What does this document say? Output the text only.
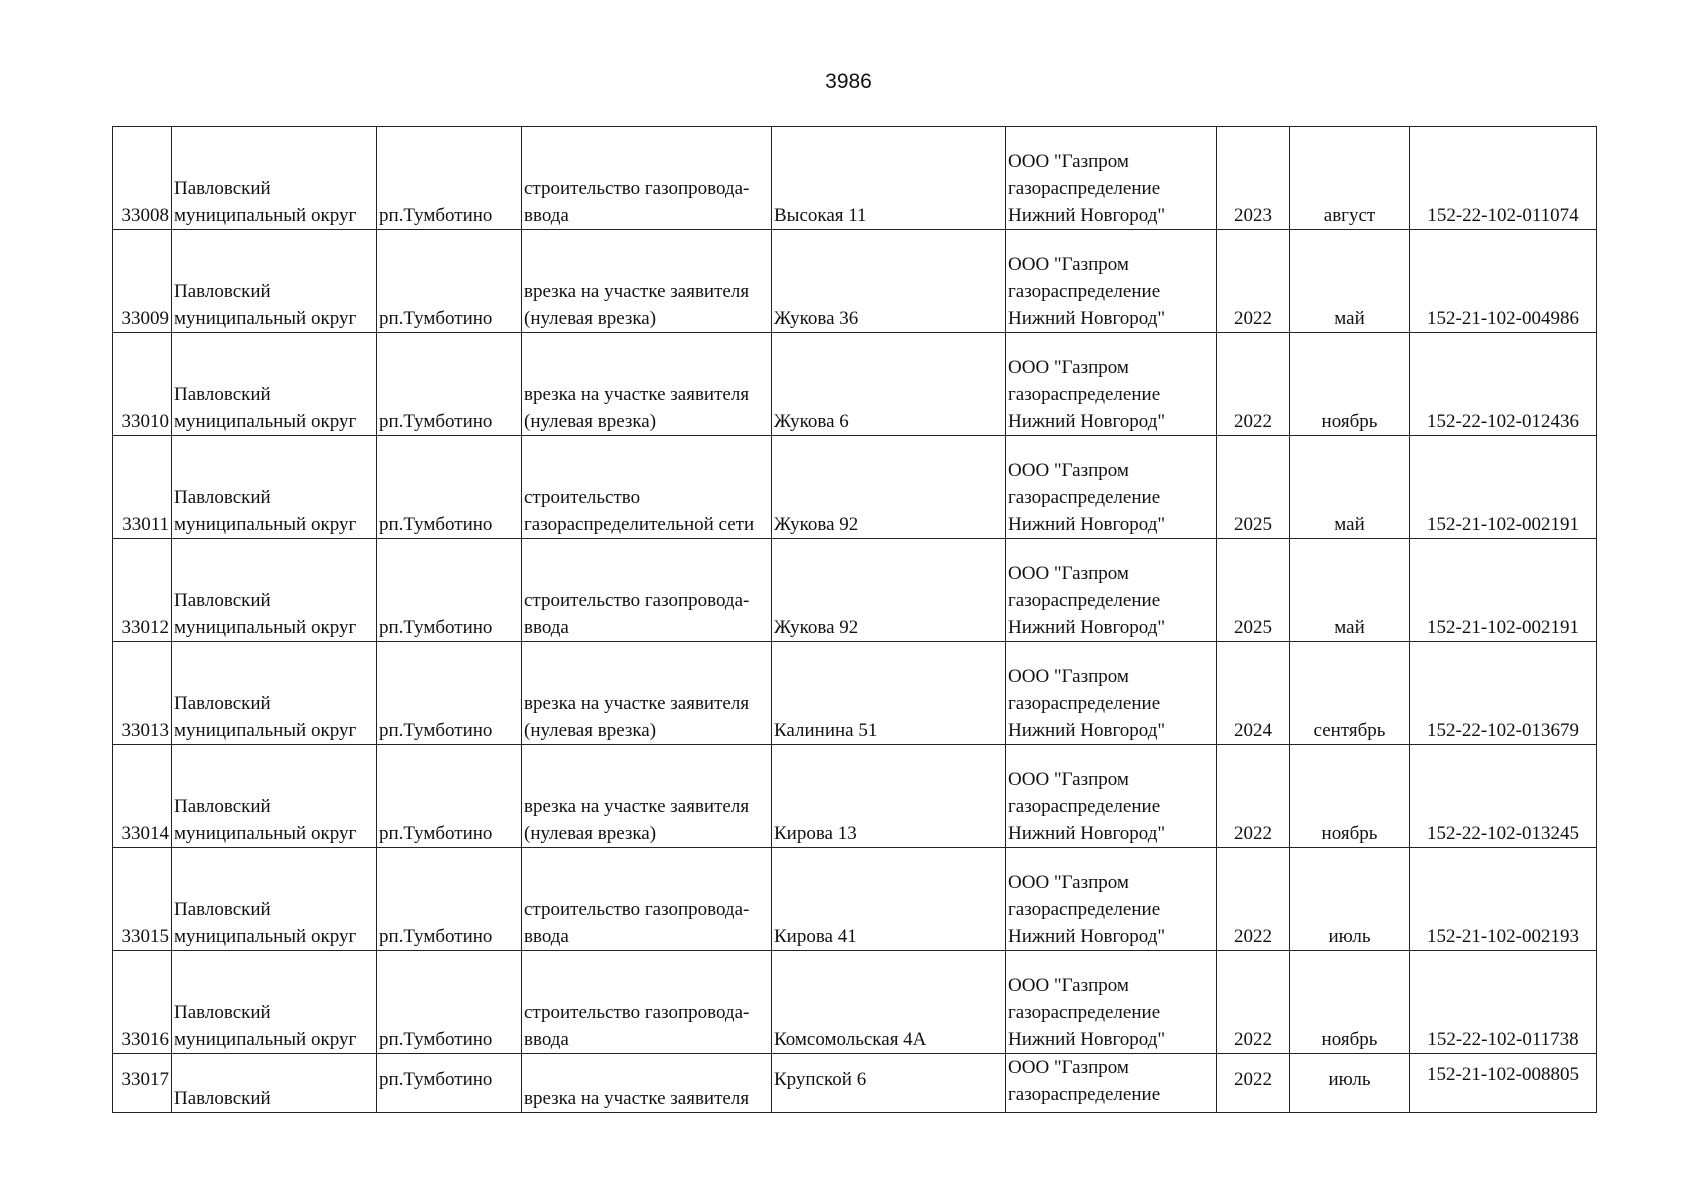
3986
33008	Павловский
муниципальный округ	рп.Тумботино	строительство газопровода-
ввода	Высокая 11	ООО "Газпром
газораспределение
Нижний Новгород"	2023	август	152-22-102-011074
33009	Павловский
муниципальный округ	рп.Тумботино	врезка на участке заявителя
(нулевая врезка)	Жукова 36	ООО "Газпром
газораспределение
Нижний Новгород"	2022	май	152-21-102-004986
33010	Павловский
муниципальный округ	рп.Тумботино	врезка на участке заявителя
(нулевая врезка)	Жукова 6	ООО "Газпром
газораспределение
Нижний Новгород"	2022	ноябрь	152-22-102-012436
33011	Павловский
муниципальный округ	рп.Тумботино	строительство
газораспределительной сети	Жукова 92	ООО "Газпром
газораспределение
Нижний Новгород"	2025	май	152-21-102-002191
33012	Павловский
муниципальный округ	рп.Тумботино	строительство газопровода-
ввода	Жукова 92	ООО "Газпром
газораспределение
Нижний Новгород"	2025	май	152-21-102-002191
33013	Павловский
муниципальный округ	рп.Тумботино	врезка на участке заявителя
(нулевая врезка)	Калинина 51	ООО "Газпром
газораспределение
Нижний Новгород"	2024	сентябрь	152-22-102-013679
33014	Павловский
муниципальный округ	рп.Тумботино	врезка на участке заявителя
(нулевая врезка)	Кирова 13	ООО "Газпром
газораспределение
Нижний Новгород"	2022	ноябрь	152-22-102-013245
33015	Павловский
муниципальный округ	рп.Тумботино	строительство газопровода-
ввода	Кирова 41	ООО "Газпром
газораспределение
Нижний Новгород"	2022	июль	152-21-102-002193
33016	Павловский
муниципальный округ	рп.Тумботино	строительство газопровода-
ввода	Комсомольская 4А	ООО "Газпром
газораспределение
Нижний Новгород"	2022	ноябрь	152-22-102-011738
33017	Павловский	рп.Тумботино	врезка на участке заявителя	Крупской 6	ООО "Газпром
газораспределение	2022	июль	152-21-102-008805
